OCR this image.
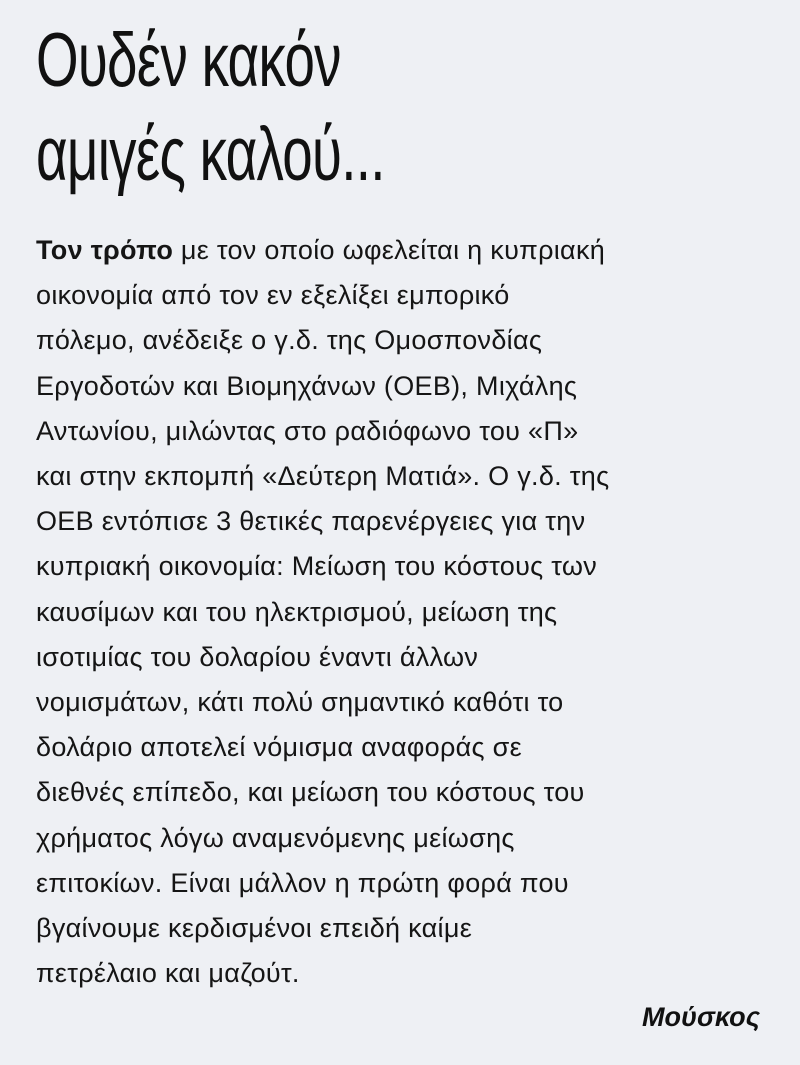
Ουδέν κακόν
αμιγές καλού...

Τον τρόπο με τον οποίο ωφελείται η κυπριακή
οικονομία από τον εν εξελίξει εμπορικό
πόλεμο, ανέδειξε ο γ.δ. της Ομοσπονδίας
Εργοδοτών και Βιομηχάνων (ΟΕΒ), Μιχάλης
Αντωνίου, μιλώντας στο ραδιόφωνο του «Π»
και στην εκπομπή «Δεύτερη Ματιά». Ο γ.δ. της
ΟΕΒ εντόπισε 3 θετικές παρενέργειες για την
κυπριακή οικονομία: Μείωση του κόστους των
καυσίμων και του ηλεκτρισμού, μείωση της
ισοτιμίας του δολαρίου έναντι άλλων
νομισμάτων, κάτι πολύ σημαντικό καθότι το
δολάριο αποτελεί νόμισμα αναφοράς σε
διεθνές επίπεδο, και μείωση του κόστους του
χρήματος λόγω αναμενόμενης μείωσης
επιτοκίων. Είναι μάλλον η πρώτη φορά που
βγαίνουμε κερδισμένοι επειδή καίμε
πετρέλαιο και μαζούτ.

Μούσκος
